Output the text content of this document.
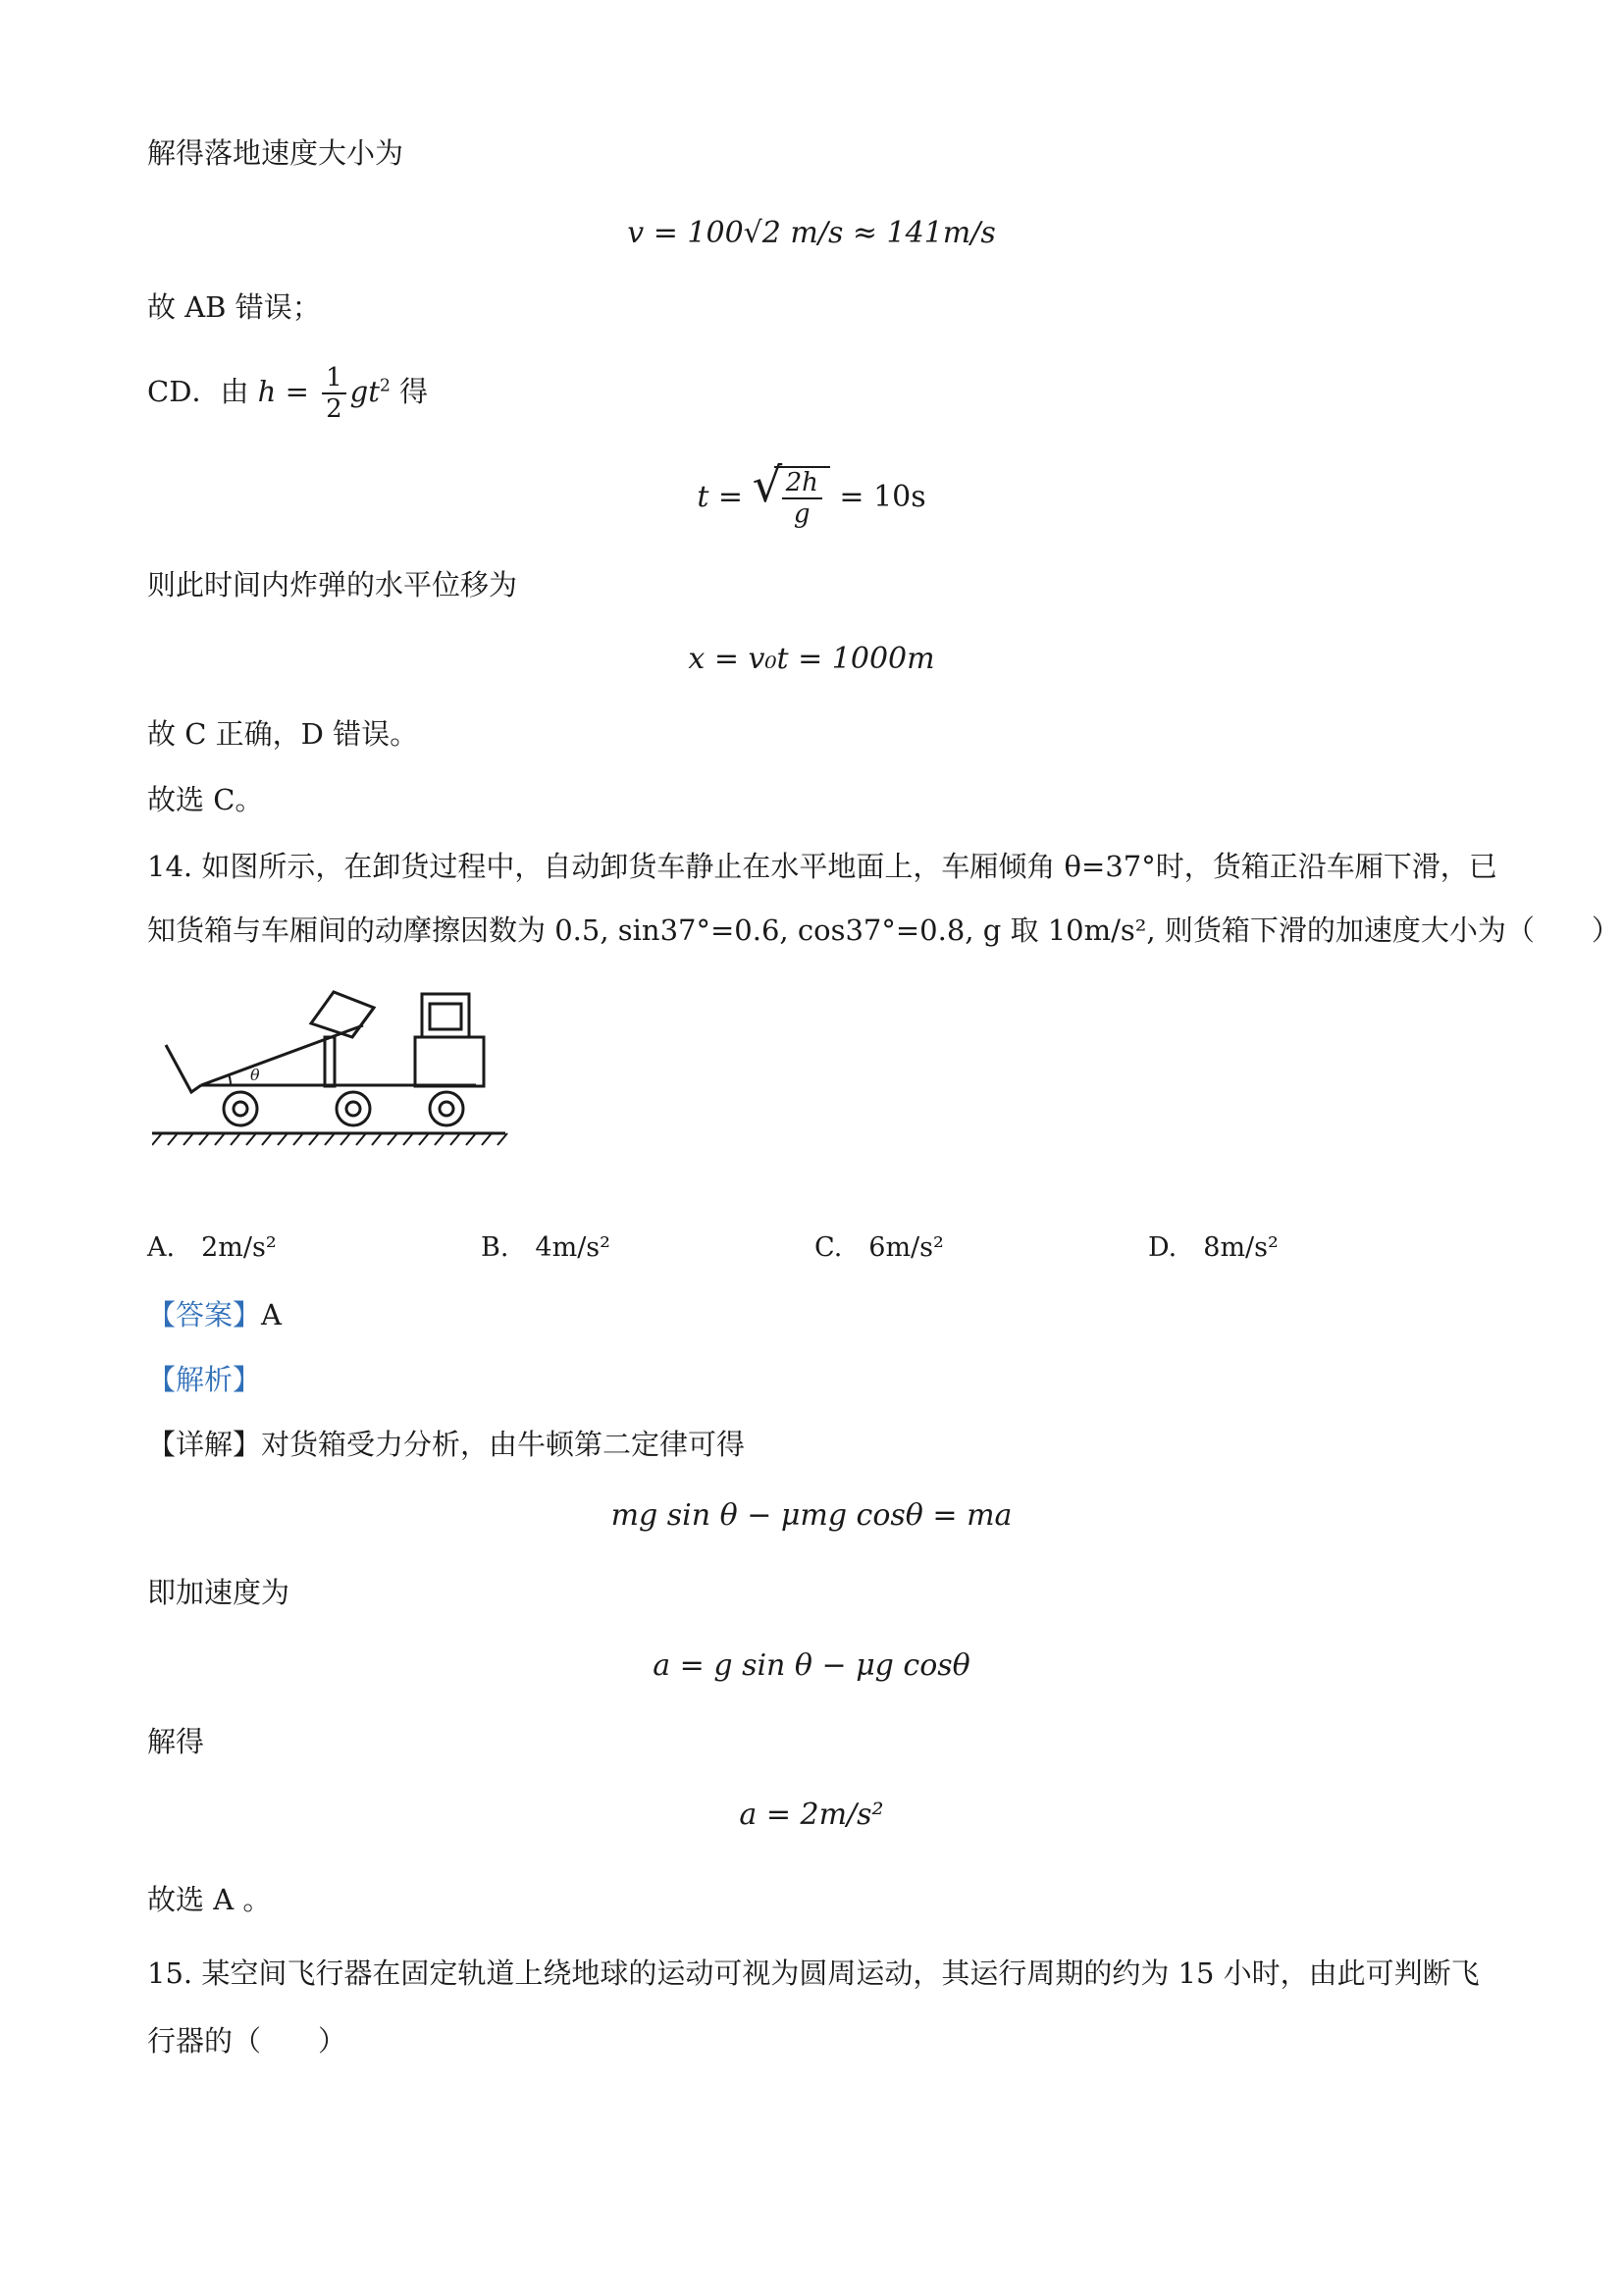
解得落地速度大小为
v = 100√2 m/s ≈ 141m/s
故 AB 错误；
CD．由 $h = \frac{1}{2} gt^2$ 得
t = √ $\frac{2h}{g} = 10s$
则此时间内炸弹的水平位移为
x = v₀t = 1000m
故 C 正确，D 错误。
故选 C。
14. 如图所示，在卸货过程中，自动卸货车静止在水平地面上，车厢倾角 θ=37°时，货箱正沿车厢下滑，已
知货箱与车厢间的动摩擦因数为 0.5, sin37°=0.6, cos37°=0.8, g 取 10m/s², 则货箱下滑的加速度大小为（　　）
θ
A.　2m/s²	B.　4m/s²	C.　6m/s²	D.　8m/s²
【答案】A
【解析】
【详解】对货箱受力分析，由牛顿第二定律可得
mg sin θ − μmg cosθ = ma
即加速度为
a = g sin θ − μg cosθ
解得
a = 2m/s²
故选 A 。
15. 某空间飞行器在固定轨道上绕地球的运动可视为圆周运动，其运行周期的约为 15 小时，由此可判断飞
行器的（　　）
